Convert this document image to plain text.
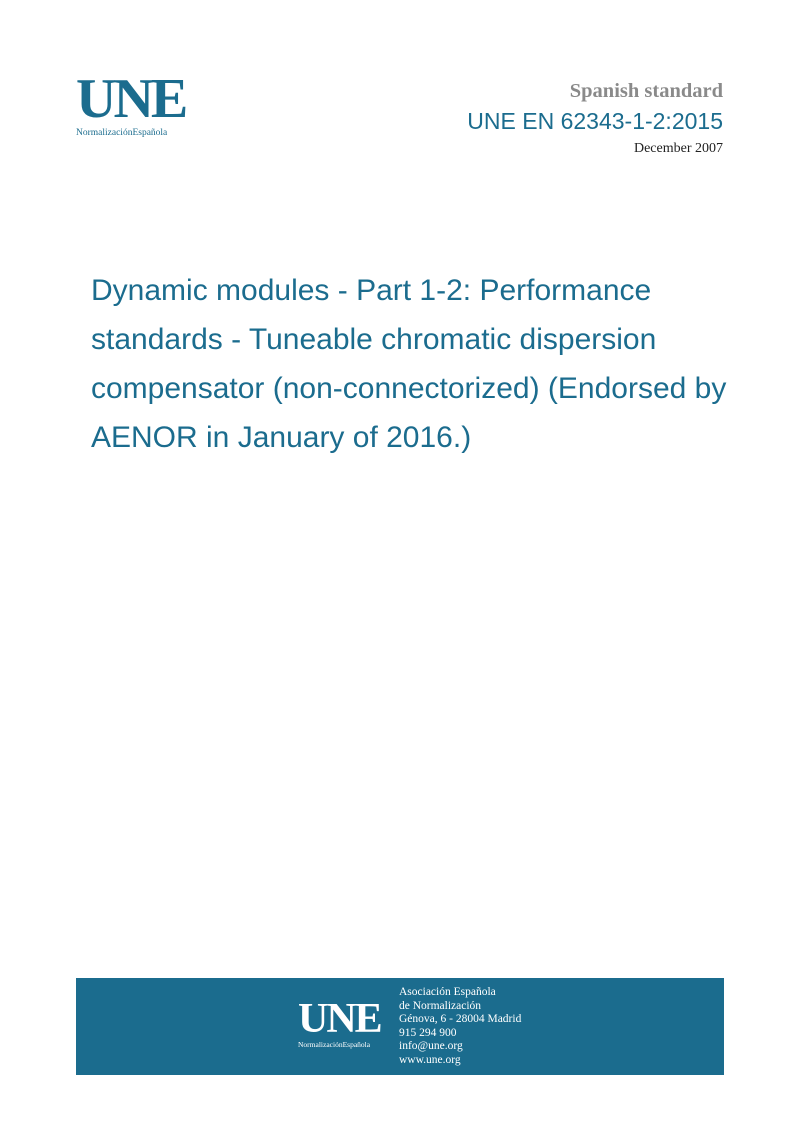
UNE
NormalizaciónEspañola
Spanish standard
UNE EN 62343-1-2:2015
December 2007
Dynamic modules - Part 1-2: Performance standards - Tuneable chromatic dispersion compensator (non-connectorized) (Endorsed by AENOR in January of 2016.)
UNE
NormalizaciónEspañola
Asociación Española
de Normalización
Génova, 6 - 28004 Madrid
915 294 900
info@une.org
www.une.org
